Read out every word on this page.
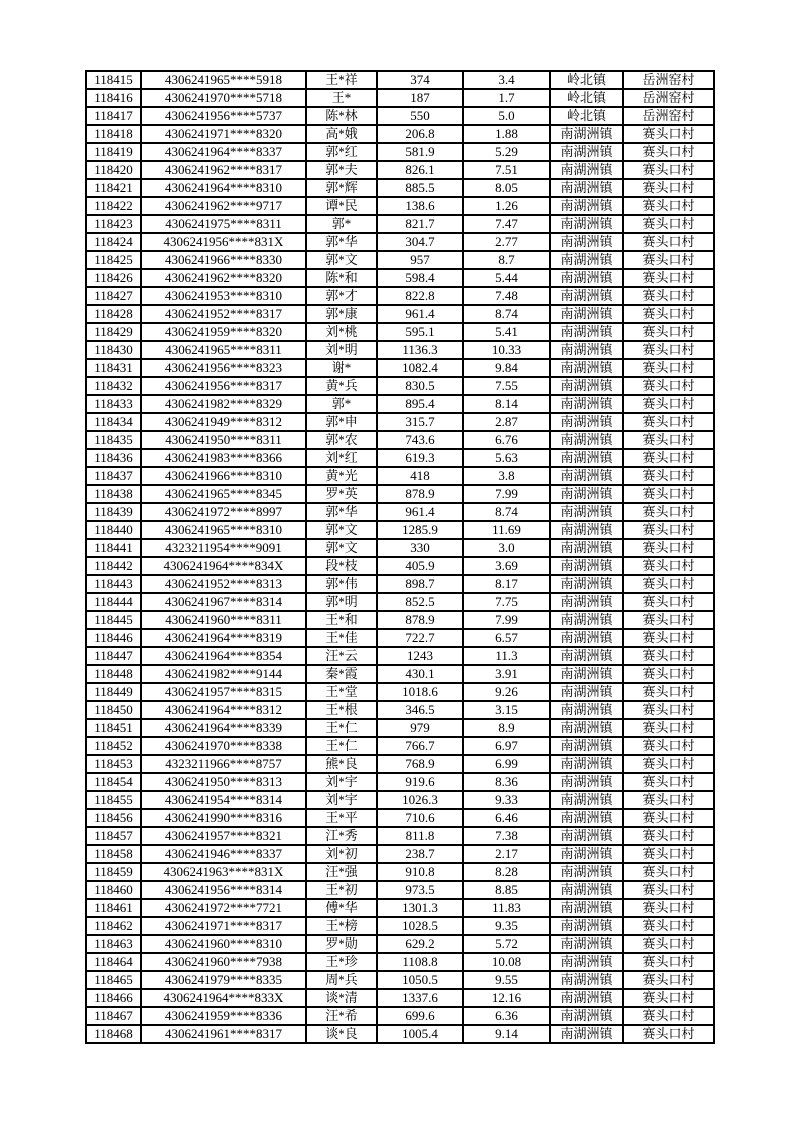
118415	4306241965****5918	王*祥	374	3.4	岭北镇	岳洲窑村
118416	4306241970****5718	王*	187	1.7	岭北镇	岳洲窑村
118417	4306241956****5737	陈*林	550	5.0	岭北镇	岳洲窑村
118418	4306241971****8320	高*娥	206.8	1.88	南湖洲镇	赛头口村
118419	4306241964****8337	郭*红	581.9	5.29	南湖洲镇	赛头口村
118420	4306241962****8317	郭*夫	826.1	7.51	南湖洲镇	赛头口村
118421	4306241964****8310	郭*辉	885.5	8.05	南湖洲镇	赛头口村
118422	4306241962****9717	谭*民	138.6	1.26	南湖洲镇	赛头口村
118423	4306241975****8311	郭*	821.7	7.47	南湖洲镇	赛头口村
118424	4306241956****831X	郭*华	304.7	2.77	南湖洲镇	赛头口村
118425	4306241966****8330	郭*文	957	8.7	南湖洲镇	赛头口村
118426	4306241962****8320	陈*和	598.4	5.44	南湖洲镇	赛头口村
118427	4306241953****8310	郭*才	822.8	7.48	南湖洲镇	赛头口村
118428	4306241952****8317	郭*康	961.4	8.74	南湖洲镇	赛头口村
118429	4306241959****8320	刘*桃	595.1	5.41	南湖洲镇	赛头口村
118430	4306241965****8311	刘*明	1136.3	10.33	南湖洲镇	赛头口村
118431	4306241956****8323	谢*	1082.4	9.84	南湖洲镇	赛头口村
118432	4306241956****8317	黄*兵	830.5	7.55	南湖洲镇	赛头口村
118433	4306241982****8329	郭*	895.4	8.14	南湖洲镇	赛头口村
118434	4306241949****8312	郭*申	315.7	2.87	南湖洲镇	赛头口村
118435	4306241950****8311	郭*农	743.6	6.76	南湖洲镇	赛头口村
118436	4306241983****8366	刘*红	619.3	5.63	南湖洲镇	赛头口村
118437	4306241966****8310	黄*光	418	3.8	南湖洲镇	赛头口村
118438	4306241965****8345	罗*英	878.9	7.99	南湖洲镇	赛头口村
118439	4306241972****8997	郭*华	961.4	8.74	南湖洲镇	赛头口村
118440	4306241965****8310	郭*文	1285.9	11.69	南湖洲镇	赛头口村
118441	4323211954****9091	郭*文	330	3.0	南湖洲镇	赛头口村
118442	4306241964****834X	段*枝	405.9	3.69	南湖洲镇	赛头口村
118443	4306241952****8313	郭*伟	898.7	8.17	南湖洲镇	赛头口村
118444	4306241967****8314	郭*明	852.5	7.75	南湖洲镇	赛头口村
118445	4306241960****8311	王*和	878.9	7.99	南湖洲镇	赛头口村
118446	4306241964****8319	王*佳	722.7	6.57	南湖洲镇	赛头口村
118447	4306241964****8354	汪*云	1243	11.3	南湖洲镇	赛头口村
118448	4306241982****9144	秦*霞	430.1	3.91	南湖洲镇	赛头口村
118449	4306241957****8315	王*堂	1018.6	9.26	南湖洲镇	赛头口村
118450	4306241964****8312	王*根	346.5	3.15	南湖洲镇	赛头口村
118451	4306241964****8339	王*仁	979	8.9	南湖洲镇	赛头口村
118452	4306241970****8338	王*仁	766.7	6.97	南湖洲镇	赛头口村
118453	4323211966****8757	熊*良	768.9	6.99	南湖洲镇	赛头口村
118454	4306241950****8313	刘*宇	919.6	8.36	南湖洲镇	赛头口村
118455	4306241954****8314	刘*宇	1026.3	9.33	南湖洲镇	赛头口村
118456	4306241990****8316	王*平	710.6	6.46	南湖洲镇	赛头口村
118457	4306241957****8321	江*秀	811.8	7.38	南湖洲镇	赛头口村
118458	4306241946****8337	刘*初	238.7	2.17	南湖洲镇	赛头口村
118459	4306241963****831X	汪*强	910.8	8.28	南湖洲镇	赛头口村
118460	4306241956****8314	王*初	973.5	8.85	南湖洲镇	赛头口村
118461	4306241972****7721	傅*华	1301.3	11.83	南湖洲镇	赛头口村
118462	4306241971****8317	王*榜	1028.5	9.35	南湖洲镇	赛头口村
118463	4306241960****8310	罗*勋	629.2	5.72	南湖洲镇	赛头口村
118464	4306241960****7938	王*珍	1108.8	10.08	南湖洲镇	赛头口村
118465	4306241979****8335	周*兵	1050.5	9.55	南湖洲镇	赛头口村
118466	4306241964****833X	谈*清	1337.6	12.16	南湖洲镇	赛头口村
118467	4306241959****8336	汪*希	699.6	6.36	南湖洲镇	赛头口村
118468	4306241961****8317	谈*良	1005.4	9.14	南湖洲镇	赛头口村
